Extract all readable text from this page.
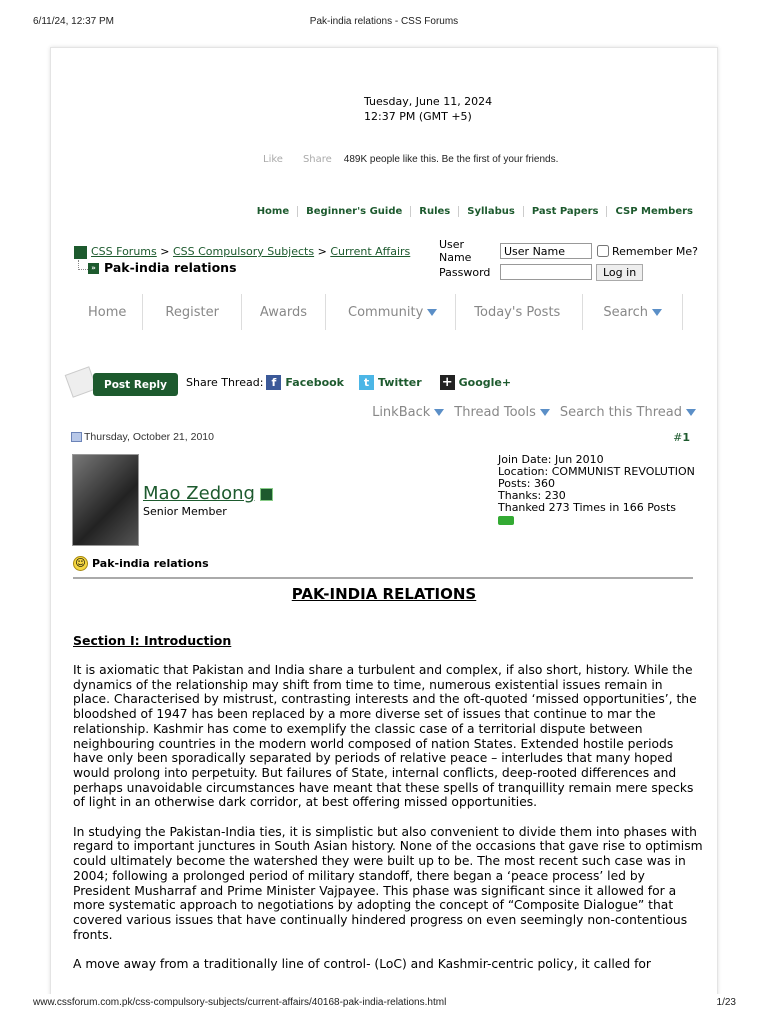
6/11/24, 12:37 PM	Pak-india relations - CSS Forums
Tuesday, June 11, 2024
12:37 PM (GMT +5)
Like Share 489K people like this. Be the first of your friends.
Home	Beginner's Guide	Rules	Syllabus	Past Papers	CSP Members
CSS Forums > CSS Compulsory Subjects > Current Affairs
» Pak-india relations
User Name
User Name	Remember Me?
Password	Log in
Home	Register	Awards	Community	Today's Posts	Search
Post Reply	Share Thread: f Facebook	t Twitter + Google+
LinkBack	Thread Tools	Search this Thread
Thursday, October 21, 2010	#1
Mao Zedong
Senior Member
Join Date: Jun 2010
Location: COMMUNIST REVOLUTION
Posts: 360
Thanks: 230
Thanked 273 Times in 166 Posts
☺ Pak-india relations
PAK-INDIA RELATIONS
Section I: Introduction

It is axiomatic that Pakistan and India share a turbulent and complex, if also short, history. While the dynamics of the relationship may shift from time to time, numerous existential issues remain in place. Characterised by mistrust, contrasting interests and the oft-quoted ‘missed opportunities’, the bloodshed of 1947 has been replaced by a more diverse set of issues that continue to mar the relationship. Kashmir has come to exemplify the classic case of a territorial dispute between neighbouring countries in the modern world composed of nation States. Extended hostile periods have only been sporadically separated by periods of relative peace – interludes that many hoped would prolong into perpetuity. But failures of State, internal conflicts, deep-rooted differences and perhaps unavoidable circumstances have meant that these spells of tranquillity remain mere specks of light in an otherwise dark corridor, at best offering missed opportunities.

In studying the Pakistan-India ties, it is simplistic but also convenient to divide them into phases with regard to important junctures in South Asian history. None of the occasions that gave rise to optimism could ultimately become the watershed they were built up to be. The most recent such case was in 2004; following a prolonged period of military standoff, there began a ‘peace process’ led by President Musharraf and Prime Minister Vajpayee. This phase was significant since it allowed for a more systematic approach to negotiations by adopting the concept of “Composite Dialogue” that covered various issues that have continually hindered progress on even seemingly non-contentious fronts.

A move away from a traditionally line of control- (LoC) and Kashmir-centric policy, it called for

www.cssforum.com.pk/css-compulsory-subjects/current-affairs/40168-pak-india-relations.html	1/23
